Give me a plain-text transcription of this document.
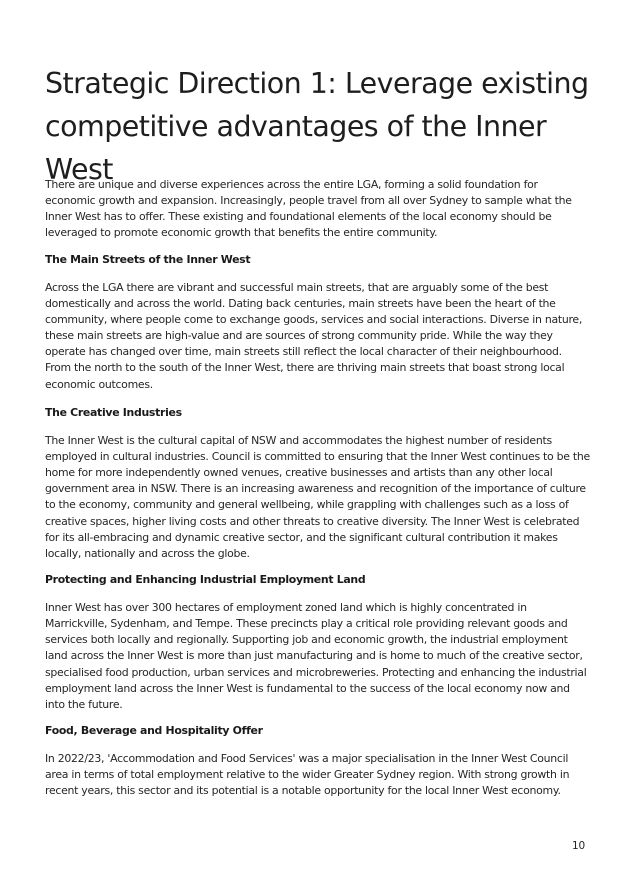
Strategic Direction 1: Leverage existing competitive advantages of the Inner West

There are unique and diverse experiences across the entire LGA, forming a solid foundation for economic growth and expansion. Increasingly, people travel from all over Sydney to sample what the Inner West has to offer. These existing and foundational elements of the local economy should be leveraged to promote economic growth that benefits the entire community.

The Main Streets of the Inner West

Across the LGA there are vibrant and successful main streets, that are arguably some of the best domestically and across the world. Dating back centuries, main streets have been the heart of the community, where people come to exchange goods, services and social interactions. Diverse in nature, these main streets are high-value and are sources of strong community pride. While the way they operate has changed over time, main streets still reflect the local character of their neighbourhood. From the north to the south of the Inner West, there are thriving main streets that boast strong local economic outcomes.

The Creative Industries

The Inner West is the cultural capital of NSW and accommodates the highest number of residents employed in cultural industries. Council is committed to ensuring that the Inner West continues to be the home for more independently owned venues, creative businesses and artists than any other local government area in NSW. There is an increasing awareness and recognition of the importance of culture to the economy, community and general wellbeing, while grappling with challenges such as a loss of creative spaces, higher living costs and other threats to creative diversity. The Inner West is celebrated for its all-embracing and dynamic creative sector, and the significant cultural contribution it makes locally, nationally and across the globe.

Protecting and Enhancing Industrial Employment Land

Inner West has over 300 hectares of employment zoned land which is highly concentrated in Marrickville, Sydenham, and Tempe. These precincts play a critical role providing relevant goods and services both locally and regionally. Supporting job and economic growth, the industrial employment land across the Inner West is more than just manufacturing and is home to much of the creative sector, specialised food production, urban services and microbreweries. Protecting and enhancing the industrial employment land across the Inner West is fundamental to the success of the local economy now and into the future.

Food, Beverage and Hospitality Offer

In 2022/23, 'Accommodation and Food Services' was a major specialisation in the Inner West Council area in terms of total employment relative to the wider Greater Sydney region. With strong growth in recent years, this sector and its potential is a notable opportunity for the local Inner West economy.

10
